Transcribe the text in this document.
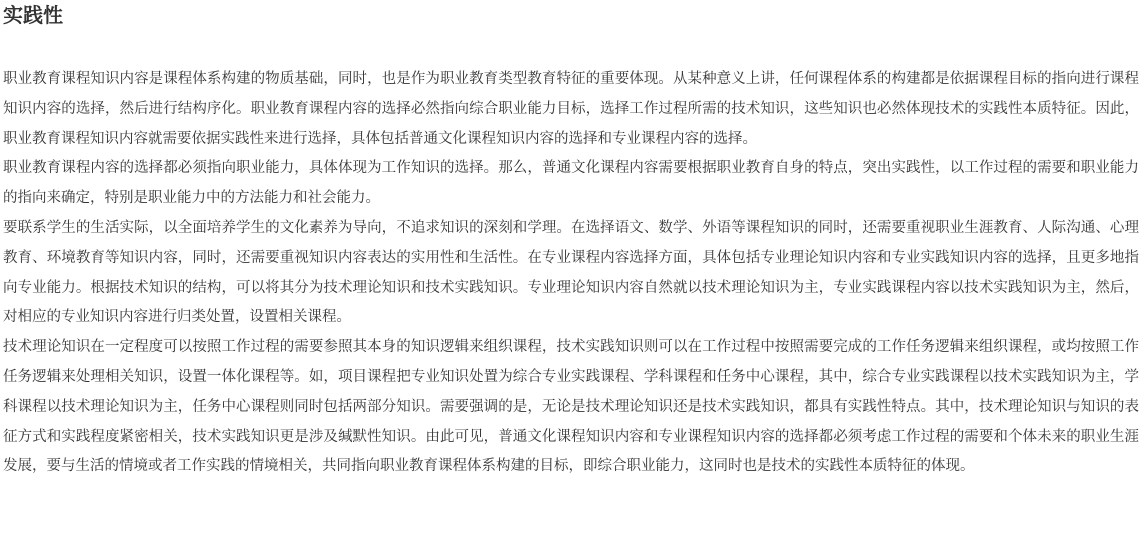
实践性

职业教育课程知识内容是课程体系构建的物质基础，同时，也是作为职业教育类型教育特征的重要体现。从某种意义上讲，任何课程体系的构建都是依据课程目标的指向进行课程知识内容的选择，然后进行结构序化。职业教育课程内容的选择必然指向综合职业能力目标，选择工作过程所需的技术知识，这些知识也必然体现技术的实践性本质特征。因此，职业教育课程知识内容就需要依据实践性来进行选择，具体包括普通文化课程知识内容的选择和专业课程内容的选择。

职业教育课程内容的选择都必须指向职业能力，具体体现为工作知识的选择。那么，普通文化课程内容需要根据职业教育自身的特点，突出实践性，以工作过程的需要和职业能力的指向来确定，特别是职业能力中的方法能力和社会能力。

要联系学生的生活实际，以全面培养学生的文化素养为导向，不追求知识的深刻和学理。在选择语文、数学、外语等课程知识的同时，还需要重视职业生涯教育、人际沟通、心理教育、环境教育等知识内容，同时，还需要重视知识内容表达的实用性和生活性。在专业课程内容选择方面，具体包括专业理论知识内容和专业实践知识内容的选择，且更多地指向专业能力。根据技术知识的结构，可以将其分为技术理论知识和技术实践知识。专业理论知识内容自然就以技术理论知识为主，专业实践课程内容以技术实践知识为主，然后，对相应的专业知识内容进行归类处置，设置相关课程。

技术理论知识在一定程度可以按照工作过程的需要参照其本身的知识逻辑来组织课程，技术实践知识则可以在工作过程中按照需要完成的工作任务逻辑来组织课程，或均按照工作任务逻辑来处理相关知识，设置一体化课程等。如，项目课程把专业知识处置为综合专业实践课程、学科课程和任务中心课程，其中，综合专业实践课程以技术实践知识为主，学科课程以技术理论知识为主，任务中心课程则同时包括两部分知识。需要强调的是，无论是技术理论知识还是技术实践知识，都具有实践性特点。其中，技术理论知识与知识的表征方式和实践程度紧密相关，技术实践知识更是涉及缄默性知识。由此可见，普通文化课程知识内容和专业课程知识内容的选择都必须考虑工作过程的需要和个体未来的职业生涯发展，要与生活的情境或者工作实践的情境相关，共同指向职业教育课程体系构建的目标，即综合职业能力，这同时也是技术的实践性本质特征的体现。
